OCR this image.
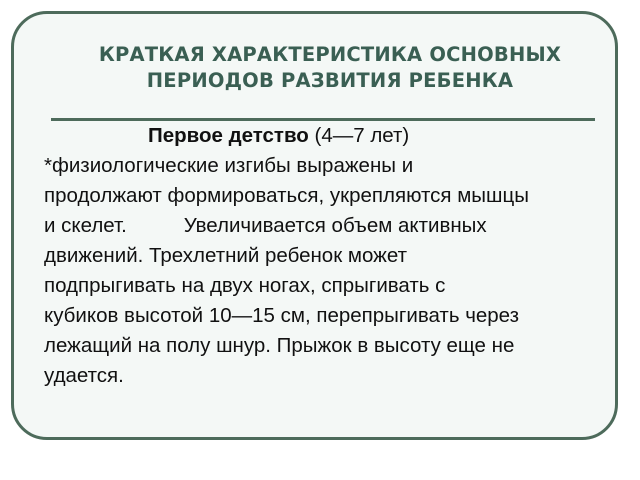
КРАТКАЯ ХАРАКТЕРИСТИКА ОСНОВНЫХ
ПЕРИОДОВ РАЗВИТИЯ РЕБЕНКА
Первое детство (4—7 лет)
*физиологические изгибы выражены и
продолжают формироваться, укрепляются мышцы
и скелет.          Увеличивается объем активных
движений. Трехлетний ребенок может
подпрыгивать на двух ногах, спрыгивать с
кубиков высотой 10—15 см, перепрыгивать через
лежащий на полу шнур. Прыжок в высоту еще не
удается.
